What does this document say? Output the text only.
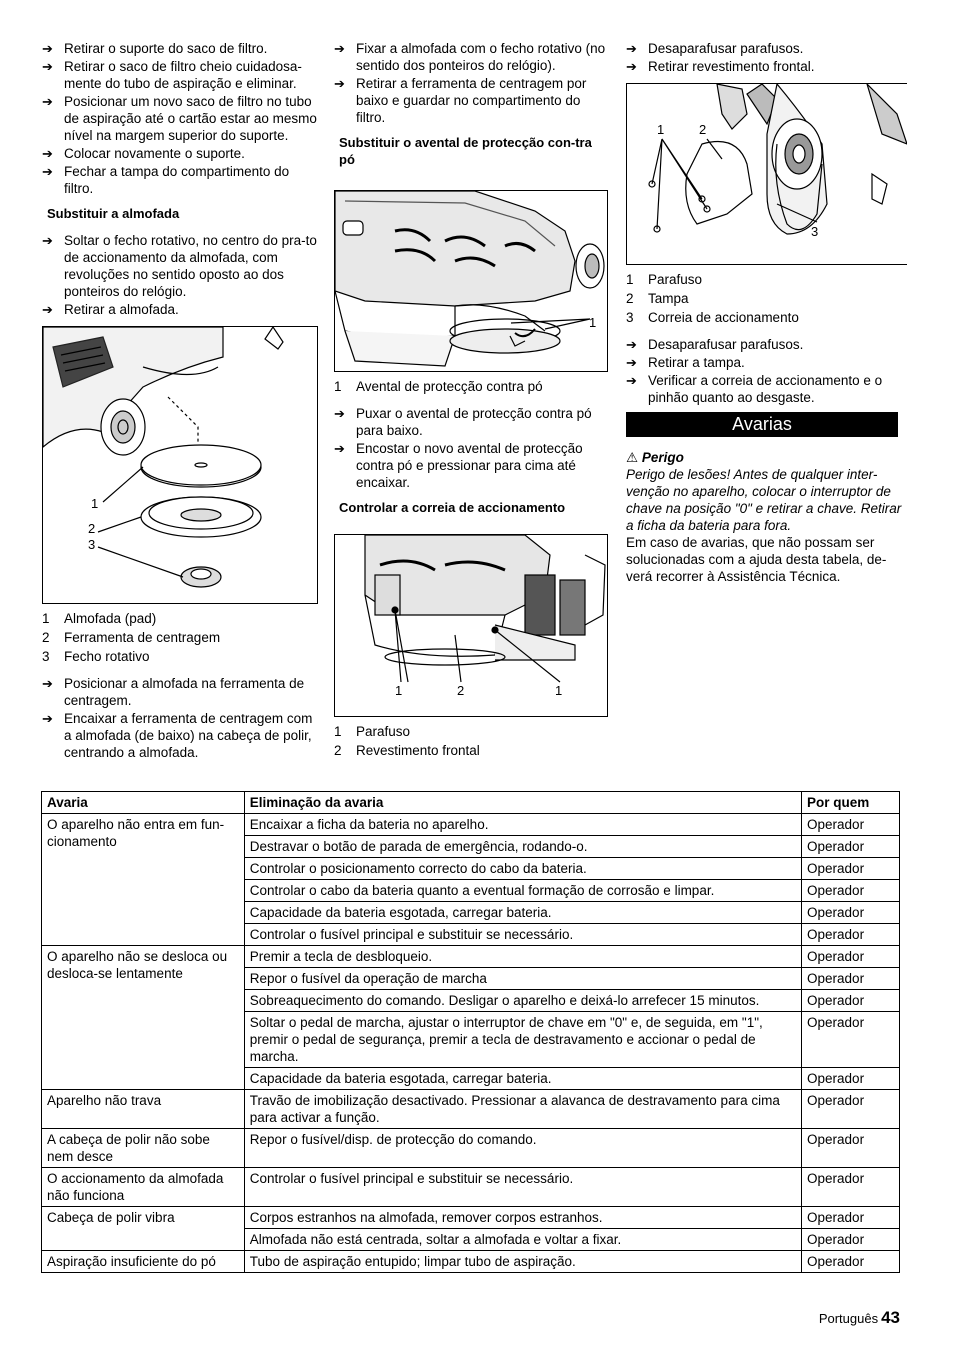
➔ Retirar o suporte do saco de filtro.
➔ Retirar o saco de filtro cheio cuidadosa-mente do tubo de aspiração e eliminar.
➔ Posicionar um novo saco de filtro no tubo de aspiração até o cartão estar ao mesmo nível na margem superior do suporte.
➔ Colocar novamente o suporte.
➔ Fechar a tampa do compartimento do filtro.
Substituir a almofada
➔ Soltar o fecho rotativo, no centro do pra-to de accionamento da almofada, com revoluções no sentido oposto ao dos ponteiros do relógio.
➔ Retirar a almofada.
1
2
3
1	Almofada (pad)
2	Ferramenta de centragem
3	Fecho rotativo
➔ Posicionar a almofada na ferramenta de centragem.
➔ Encaixar a ferramenta de centragem com a almofada (de baixo) na cabeça de polir, centrando a almofada.
➔ Fixar a almofada com o fecho rotativo (no sentido dos ponteiros do relógio).
➔ Retirar a ferramenta de centragem por baixo e guardar no compartimento do filtro.
Substituir o avental de protecção con-tra pó
1
1	Avental de protecção contra pó
➔ Puxar o avental de protecção contra pó para baixo.
➔ Encostar o novo avental de protecção contra pó e pressionar para cima até encaixar.
Controlar a correia de accionamento
1	2	1
1	Parafuso
2	Revestimento frontal
➔ Desaparafusar parafusos.
➔ Retirar revestimento frontal.
1	2
3
1	Parafuso
2	Tampa
3	Correia de accionamento
➔ Desaparafusar parafusos.
➔ Retirar a tampa.
➔ Verificar a correia de accionamento e o pinhão quanto ao desgaste.
Avarias
⚠ Perigo
Perigo de lesões! Antes de qualquer inter-venção no aparelho, colocar o interruptor de chave na posição "0" e retirar a chave. Retirar a ficha da bateria para fora.
Em caso de avarias, que não possam ser solucionadas com a ajuda desta tabela, de-verá recorrer à Assistência Técnica.
Avaria	Eliminação da avaria	Por quem
O aparelho não entra em fun-cionamento	Encaixar a ficha da bateria no aparelho.	Operador
	Destravar o botão de parada de emergência, rodando-o.	Operador
	Controlar o posicionamento correcto do cabo da bateria.	Operador
	Controlar o cabo da bateria quanto a eventual formação de corrosão e limpar.	Operador
	Capacidade da bateria esgotada, carregar bateria.	Operador
	Controlar o fusível principal e substituir se necessário.	Operador
O aparelho não se desloca ou desloca-se lentamente	Premir a tecla de desbloqueio.	Operador
	Repor o fusível da operação de marcha	Operador
	Sobreaquecimento do comando. Desligar o aparelho e deixá-lo arrefecer 15 minutos.	Operador
	Soltar o pedal de marcha, ajustar o interruptor de chave em "0" e, de seguida, em "1", premir o pedal de segurança, premir a tecla de destravamento e accionar o pedal de marcha.	Operador
	Capacidade da bateria esgotada, carregar bateria.	Operador
Aparelho não trava	Travão de imobilização desactivado. Pressionar a alavanca de destravamento para cima para activar a função.	Operador
A cabeça de polir não sobe nem desce	Repor o fusível/disp. de protecção do comando.	Operador
O accionamento da almofada não funciona	Controlar o fusível principal e substituir se necessário.	Operador
Cabeça de polir vibra	Corpos estranhos na almofada, remover corpos estranhos.	Operador
	Almofada não está centrada, soltar a almofada e voltar a fixar.	Operador
Aspiração insuficiente do pó	Tubo de aspiração entupido; limpar tubo de aspiração.	Operador
Português 43
